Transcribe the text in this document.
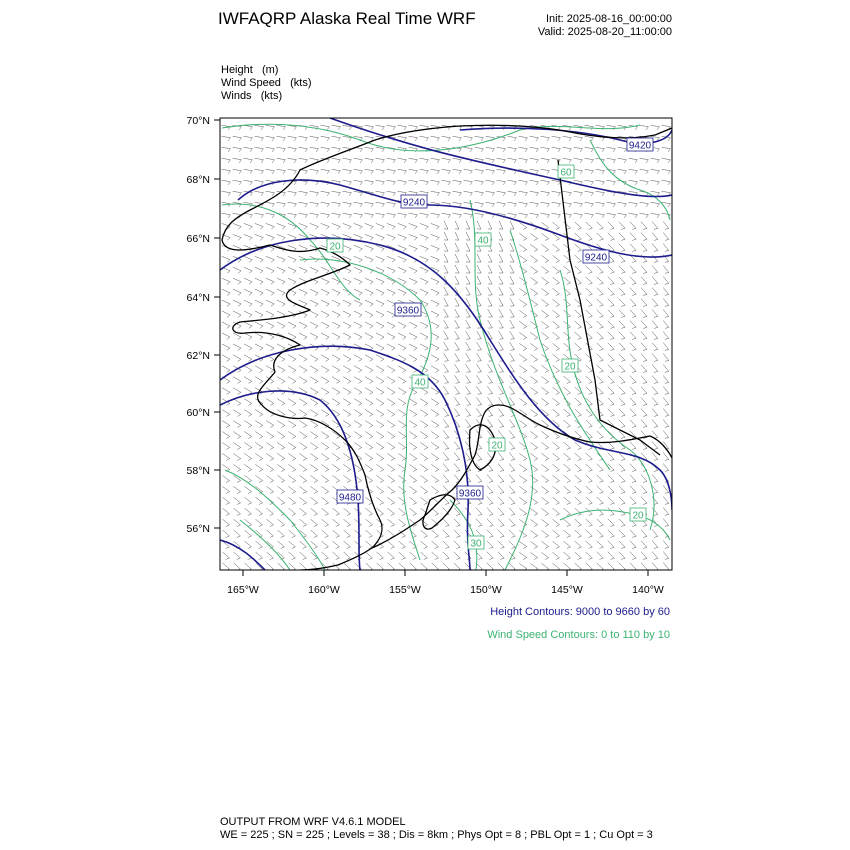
IWFAQRP Alaska Real Time WRF	Init: 2025-08-16_00:00:00
Valid: 2025-08-20_11:00:00
Height (m)
Wind Speed (kts)
Winds (kts)
9240
9240
9360
9480	9360
9420
60
40
40
20
20
20
30
20
70°N
68°N
66°N
64°N
62°N
60°N
58°N
56°N
165°W	160°W	155°W	150°W	145°W	140°W
Height Contours: 9000 to 9660 by 60
Wind Speed Contours: 0 to 110 by 10
OUTPUT FROM WRF V4.6.1 MODEL
WE = 225 ; SN = 225 ; Levels = 38 ; Dis = 8km ; Phys Opt = 8 ; PBL Opt = 1 ; Cu Opt = 3
